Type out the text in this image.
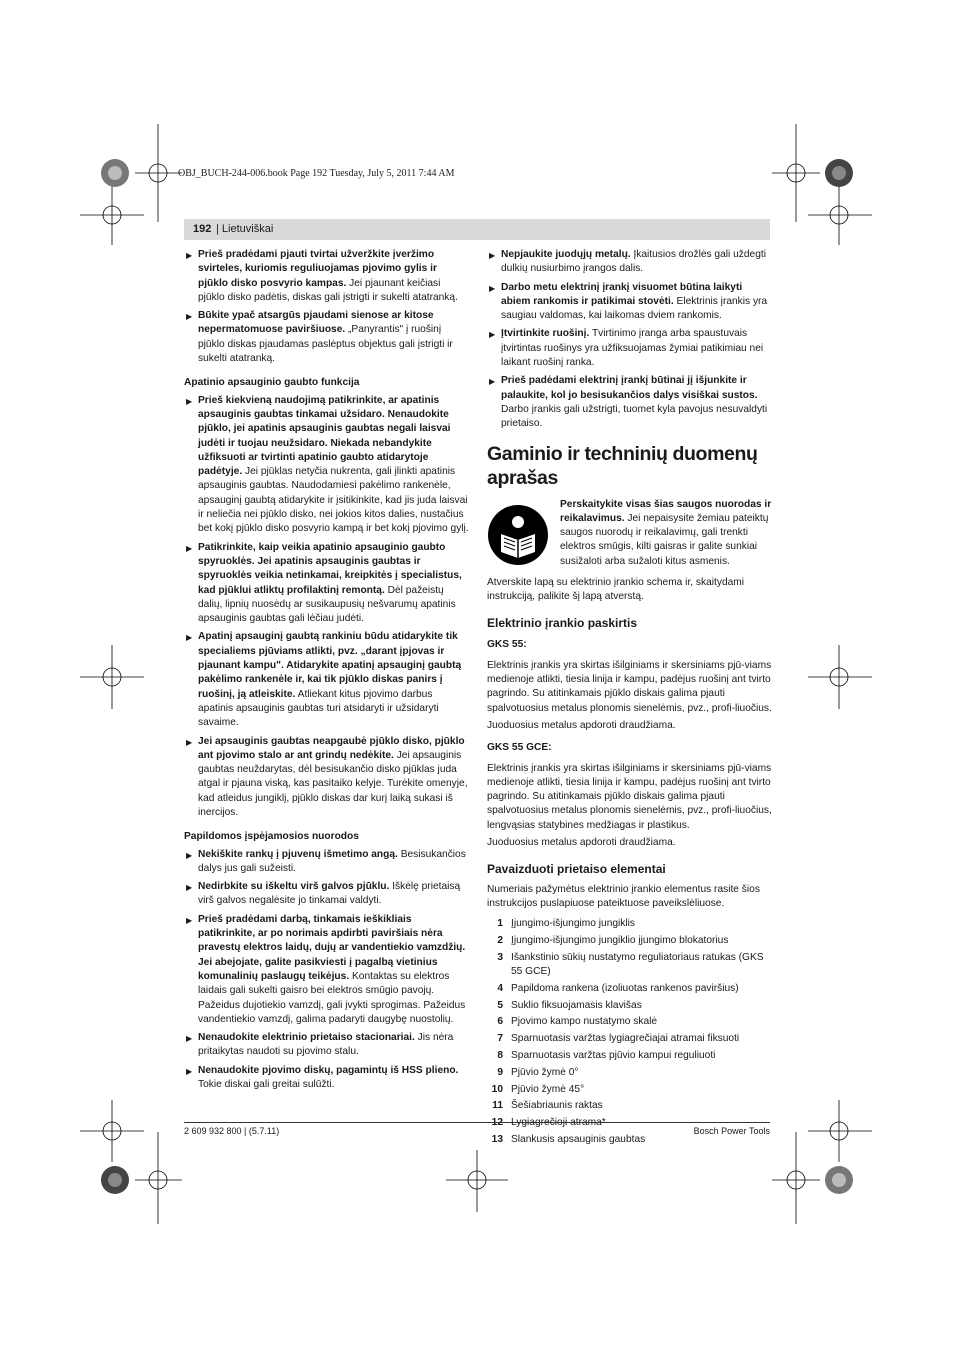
OBJ_BUCH-244-006.book Page 192 Tuesday, July 5, 2011 7:44 AM
192 | Lietuviškai
▶ Prieš pradėdami pjauti tvirtai užveržkite įveržimo svirteles, kuriomis reguliuojamas pjovimo gylis ir pjūklo disko posvyrio kampas. Jei pjaunant keičiasi pjūklo disko padėtis, diskas gali įstrigti ir sukelti atatranką.
▶ Būkite ypač atsargūs pjaudami sienose ar kitose nepermatomuose paviršiuose. „Panyrantis" į ruošinį pjūklo diskas pjaudamas paslėptus objektus gali įstrigti ir sukelti atatranką.
Apatinio apsauginio gaubto funkcija
▶ Prieš kiekvieną naudojimą patikrinkite, ar apatinis apsauginis gaubtas tinkamai užsidaro. Nenaudokite pjūklo, jei apatinis apsauginis gaubtas negali laisvai judėti ir tuojau neužsidaro. Niekada nebandykite užfiksuoti ar tvirtinti apatinio gaubto atidarytoje padėtyje. Jei pjūklas netyčia nukrenta, gali įlinkti apatinis apsauginis gaubtas. Naudodamiesi pakėlimo rankenėle, apsauginį gaubtą atidarykite ir įsitikinkite, kad jis juda laisvai ir neliečia nei pjūklo disko, nei jokios kitos dalies, nustačius bet kokį pjūklo disko posvyrio kampą ir bet kokį pjovimo gylį.
▶ Patikrinkite, kaip veikia apatinio apsauginio gaubto spyruoklės. Jei apatinis apsauginis gaubtas ir spyruoklės veikia netinkamai, kreipkitės į specialistus, kad pjūklui atliktų profilaktinį remontą. Dėl pažeistų dalių, lipnių nuosėdų ar susikaupusių nešvarumų apatinis apsauginis gaubtas gali lėčiau judėti.
▶ Apatinį apsauginį gaubtą rankiniu būdu atidarykite tik specialiems pjūviams atlikti, pvz. „darant įpjovas ir pjaunant kampu". Atidarykite apatinį apsauginį gaubtą pakėlimo rankenėle ir, kai tik pjūklo diskas panirs į ruošinį, ją atleiskite. Atliekant kitus pjovimo darbus apatinis apsauginis gaubtas turi atsidaryti ir užsidaryti savaime.
▶ Jei apsauginis gaubtas neapgaubė pjūklo disko, pjūklo ant pjovimo stalo ar ant grindų nedėkite. Jei apsauginis gaubtas neuždarytas, dėl besisukančio disko pjūklas juda atgal ir pjauna viską, kas pasitaiko kelyje. Turėkite omenyje, kad atleidus jungiklį, pjūklo diskas dar kurį laiką sukasi iš inercijos.
Papildomos įspėjamosios nuorodos
▶ Nekiškite rankų į pjuvenų išmetimo angą. Besisukančios dalys jus gali sužeisti.
▶ Nedirbkite su iškeltu virš galvos pjūklu. Iškėlę prietaisą virš galvos negalėsite jo tinkamai valdyti.
▶ Prieš pradėdami darbą, tinkamais ieškikliais patikrinkite, ar po norimais apdirbti paviršiais nėra pravestų elektros laidų, dujų ar vandentiekio vamzdžių. Jei abejojate, galite pasikviesti į pagalbą vietinius komunalinių paslaugų teikėjus. Kontaktas su elektros laidais gali sukelti gaisro bei elektros smūgio pavojų. Pažeidus dujotiekio vamzdį, gali įvykti sprogimas. Pažeidus vandentiekio vamzdį, galima padaryti daugybę nuostolių.
▶ Nenaudokite elektrinio prietaiso stacionariai. Jis nėra pritaikytas naudoti su pjovimo stalu.
▶ Nenaudokite pjovimo diskų, pagamintų iš HSS plieno. Tokie diskai gali greitai sulūžti.
▶ Nepjaukite juodųjų metalų. Įkaitusios drožlės gali uždegti dulkių nusiurbimo įrangos dalis.
▶ Darbo metu elektrinį įrankį visuomet būtina laikyti abiem rankomis ir patikimai stovėti. Elektrinis įrankis yra saugiau valdomas, kai laikomas dviem rankomis.
▶ Įtvirtinkite ruošinį. Tvirtinimo įranga arba spaustuvais įtvirtintas ruošinys yra užfiksuojamas žymiai patikimiau nei laikant ruošinį ranka.
▶ Prieš padėdami elektrinį įrankį būtinai jį išjunkite ir palaukite, kol jo besisukančios dalys visiškai sustos. Darbo įrankis gali užstrigti, tuomet kyla pavojus nesuvaldyti prietaiso.
Gaminio ir techninių duomenų aprašas
Perskaitykite visas šias saugos nuorodas ir reikalavimus. Jei nepaisysite žemiau pateiktų saugos nuorodų ir reikalavimų, gali trenkti elektros smūgis, kilti gaisras ir galite sunkiai susižaloti arba sužaloti kitus asmenis.
Atverskite lapą su elektrinio įrankio schema ir, skaitydami instrukciją, palikite šį lapą atverstą.
Elektrinio įrankio paskirtis
GKS 55:
Elektrinis įrankis yra skirtas išilginiams ir skersiniams pjū-viams medienoje atlikti, tiesia linija ir kampu, padėjus ruošinį ant tvirto pagrindo. Su atitinkamais pjūklo diskais galima pjauti spalvotuosius metalus plonomis sienelėmis, pvz., profi-liuočius.
Juoduosius metalus apdoroti draudžiama.
GKS 55 GCE:
Elektrinis įrankis yra skirtas išilginiams ir skersiniams pjū-viams medienoje atlikti, tiesia linija ir kampu, padėjus ruošinį ant tvirto pagrindo. Su atitinkamais pjūklo diskais galima pjauti spalvotuosius metalus plonomis sienelėmis, pvz., profi-liuočius, lengvąsias statybines medžiagas ir plastikus.
Juoduosius metalus apdoroti draudžiama.
Pavaizduoti prietaiso elementai
Numeriais pažymėtus elektrinio įrankio elementus rasite šios instrukcijos puslapiuose pateiktuose paveikslėliuose.
1 Įjungimo-išjungimo jungiklis
2 Įjungimo-išjungimo jungiklio įjungimo blokatorius
3 Išankstinio sūkių nustatymo reguliatoriaus ratukas (GKS 55 GCE)
4 Papildoma rankena (izoliuotas rankenos paviršius)
5 Suklio fiksuojamasis klavišas
6 Pjovimo kampo nustatymo skalė
7 Sparnuotasis varžtas lygiagrečiajai atramai fiksuoti
8 Sparnuotasis varžtas pjūvio kampui reguliuoti
9 Pjūvio žymė 0°
10 Pjūvio žymė 45°
11 Šešiabriaunis raktas
13 Slankusis apsauginis gaubtas
2 609 932 800 | (5.7.11)	Bosch Power Tools
